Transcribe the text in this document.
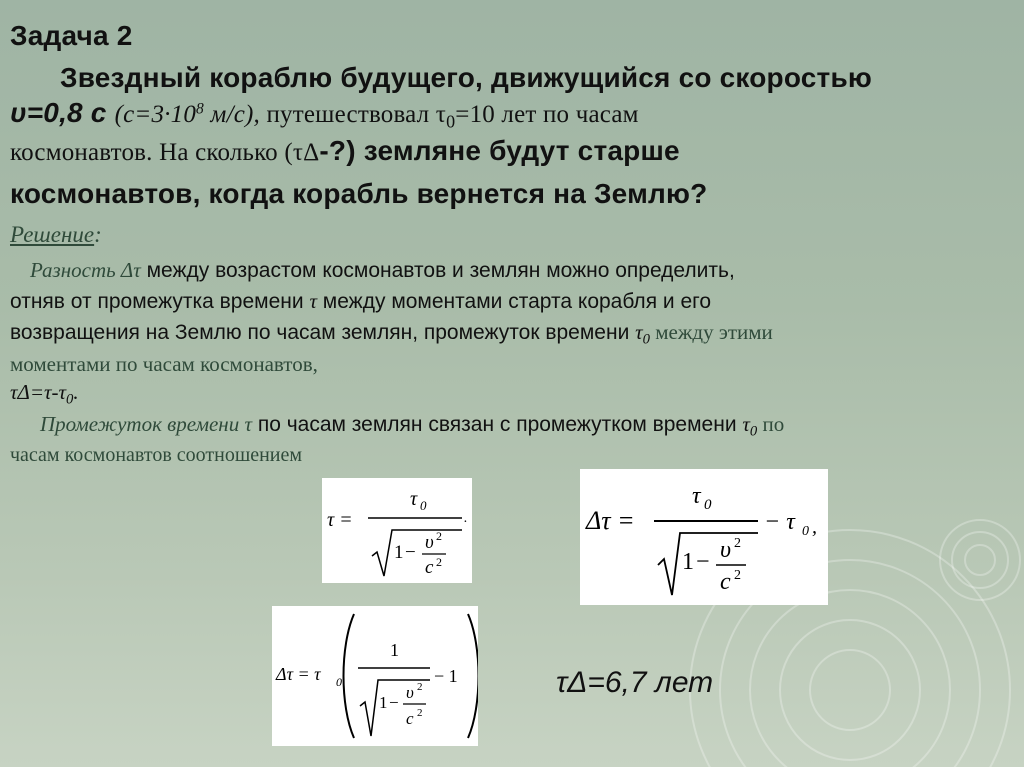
Задача 2
Звездный кораблю будущего, движущийся со скоростью
υ=0,8 с ($с=3\cdot 10^8$ м/с), путешествовал $\tau_0=10$ лет по часам
космонавтов. На сколько (τΔ-?) земляне будут старше
космонавтов, когда корабль вернется на Землю?
Решение:
Разность Δτ между возрастом космонавтов и землян можно определить,
отняв от промежутка времени τ между моментами старта корабля и его
возвращения на Землю по часам землян, промежуток времени $\tau_0$ между этими
моментами по часам космонавтов,
$\tau\Delta=\tau-\tau_0$.
Промежуток времени τ по часам землян связан с промежутком времени $\tau_0$ по
часам космонавтов соотношением
τ =
τ 0
1 − υ 2
c 2
.	Δτ =
τ 0
1 − υ 2
c 2
− τ 0 ,
Δτ = τ 0
1
1 −
υ 2
c 2
− 1	τΔ=6,7 лет
